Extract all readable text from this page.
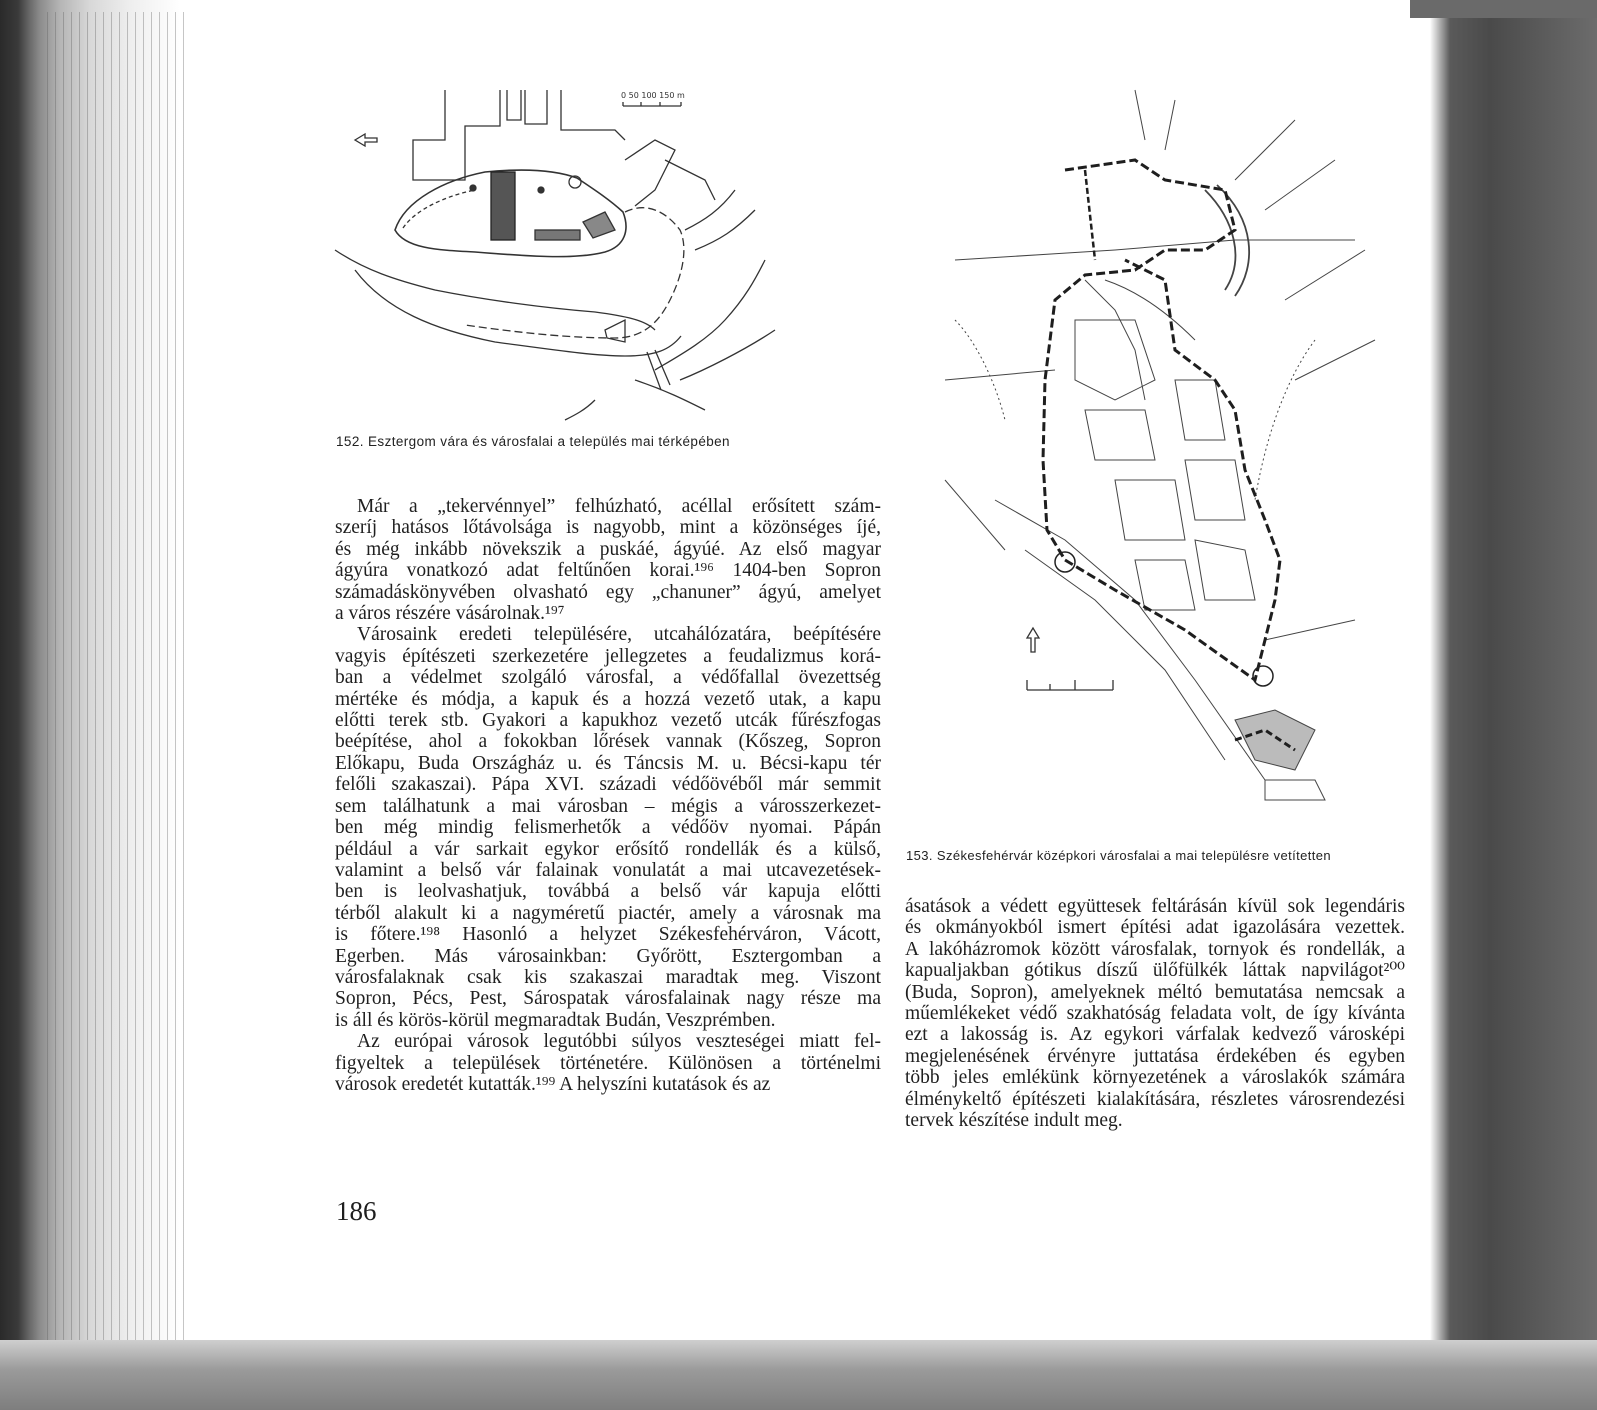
0 50 100 150 m

152. Esztergom vára és városfalai a település mai térképében

153. Székesfehérvár középkori városfalai a mai településre vetítetten

Már a „tekervénnyel” felhúzható, acéllal erősített szám-
szeríj hatásos lőtávolsága is nagyobb, mint a közönséges íjé,
és még inkább növekszik a puskáé, ágyúé. Az első magyar
ágyúra vonatkozó adat feltűnően korai.¹⁹⁶ 1404-ben Sopron
számadáskönyvében olvasható egy „chanuner” ágyú, amelyet
a város részére vásárolnak.¹⁹⁷
Városaink eredeti településére, utcahálózatára, beépítésére
vagyis építészeti szerkezetére jellegzetes a feudalizmus korá-
ban a védelmet szolgáló városfal, a védőfallal övezettség
mértéke és módja, a kapuk és a hozzá vezető utak, a kapu
előtti terek stb. Gyakori a kapukhoz vezető utcák fűrészfogas
beépítése, ahol a fokokban lőrések vannak (Kőszeg, Sopron
Előkapu, Buda Országház u. és Táncsis M. u. Bécsi-kapu tér
felőli szakaszai). Pápa XVI. századi védőövéből már semmit
sem találhatunk a mai városban – mégis a városszerkezet-
ben még mindig felismerhetők a védőöv nyomai. Pápán
például a vár sarkait egykor erősítő rondellák és a külső,
valamint a belső vár falainak vonulatát a mai utcavezetések-
ben is leolvashatjuk, továbbá a belső vár kapuja előtti
térből alakult ki a nagyméretű piactér, amely a városnak ma
is főtere.¹⁹⁸ Hasonló a helyzet Székesfehérváron, Vácott,
Egerben. Más városainkban: Győrött, Esztergomban a
városfalaknak csak kis szakaszai maradtak meg. Viszont
Sopron, Pécs, Pest, Sárospatak városfalainak nagy része ma
is áll és körös-körül megmaradtak Budán, Veszprémben.
Az európai városok legutóbbi súlyos veszteségei miatt fel-
figyeltek a települések történetére. Különösen a történelmi
városok eredetét kutatták.¹⁹⁹ A helyszíni kutatások és az
ásatások a védett együttesek feltárásán kívül sok legendáris
és okmányokból ismert építési adat igazolására vezettek.
A lakóházromok között városfalak, tornyok és rondellák, a
kapualjakban gótikus díszű ülőfülkék láttak napvilágot²⁰⁰
(Buda, Sopron), amelyeknek méltó bemutatása nemcsak a
műemlékeket védő szakhatóság feladata volt, de így kívánta
ezt a lakosság is. Az egykori várfalak kedvező városképi
megjelenésének érvényre juttatása érdekében és egyben
több jeles emlékünk környezetének a városlakók számára
élménykeltő építészeti kialakítására, részletes városrendezési
tervek készítése indult meg.

186
